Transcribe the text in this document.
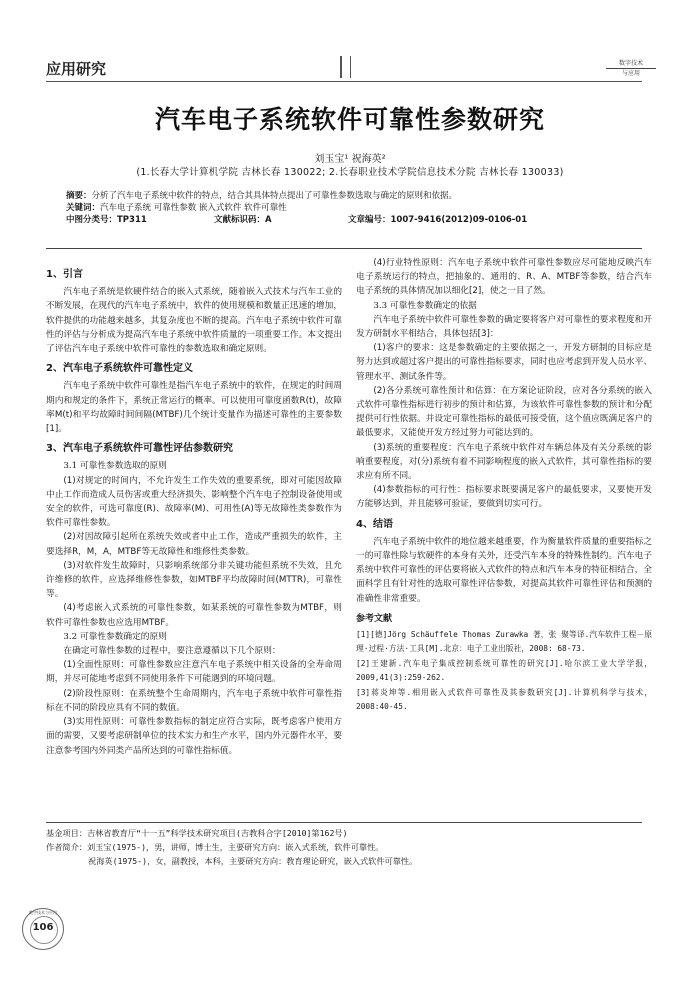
应用研究	数字技术
与应用
汽车电子系统软件可靠性参数研究
刘玉宝¹ 祝海英²
(1.长春大学计算机学院 吉林长春 130022; 2.长春职业技术学院信息技术分院 吉林长春 130033)
摘要：分析了汽车电子系统中软件的特点，结合其具体特点提出了可靠性参数选取与确定的原则和依据。
关键词：汽车电子系统 可靠性参数 嵌入式软件 软件可靠性
中图分类号：TP311	文献标识码：A	文章编号：1007-9416(2012)09-0106-01
1、引言

汽车电子系统是软硬件结合的嵌入式系统，随着嵌入式技术与汽车工业的不断发展，在现代的汽车电子系统中，软件的使用规模和数量正迅速的增加，软件提供的功能越来越多，其复杂度也不断的提高。汽车电子系统中软件可靠性的评估与分析成为提高汽车电子系统中软件质量的一项重要工作。本文提出了评估汽车电子系统中软件可靠性的参数选取和确定原则。

2、汽车电子系统软件可靠性定义

汽车电子系统中软件可靠性是指汽车电子系统中的软件，在规定的时间周期内和规定的条件下，系统正常运行的概率。可以使用可靠度函数R(t)，故障率M(t)和平均故障时间间隔(MTBF)几个统计变量作为描述可靠性的主要参数[1]。

3、汽车电子系统软件可靠性评估参数研究
3.1 可靠性参数选取的原则

(1)对规定的时间内，不允许发生工作失效的重要系统，即对可能因故障中止工作而造成人员伤害或重大经济损失、影响整个汽车电子控制设备使用或安全的软件，可选可靠度(R)、故障率(M)、可用性(A)等无故障性类参数作为软件可靠性参数。

(2)对因故障引起所在系统失效或者中止工作，造成严重损失的软件，主要选择R，M，A，MTBF等无故障性和维修性类参数。

(3)对软件发生故障时，只影响系统部分非关键功能但系统不失效，且允许维修的软件，应选择维修性参数，如MTBF平均故障时间(MTTR)，可靠性等。

(4)考虑嵌入式系统的可靠性参数，如某系统的可靠性参数为MTBF，则软件可靠性参数也应选用MTBF。

3.2 可靠性参数确定的原则

在确定可靠性参数的过程中，要注意遵循以下几个原则：

(1)全面性原则：可靠性参数应注意汽车电子系统中相关设备的全寿命周期，并尽可能地考虑到不同使用条件下可能遇到的环境问题。

(2)阶段性原则：在系统整个生命周期内，汽车电子系统中软件可靠性指标在不同的阶段应具有不同的数值。

(3)实用性原则：可靠性参数指标的制定应符合实际，既考虑客户使用方面的需要，又要考虑研制单位的技术实力和生产水平，国内外元器件水平，要注意参考国内外同类产品所达到的可靠性指标值。

(4)行业特性原则：汽车电子系统中软件可靠性参数应尽可能地反映汽车电子系统运行的特点，把抽象的、通用的、R、A、MTBF等参数，结合汽车电子系统的具体情况加以细化[2]，使之一目了然。

3.3 可靠性参数确定的依据

汽车电子系统中软件可靠性参数的确定要将客户对可靠性的要求程度和开发方研制水平相结合，具体包括[3]：

(1)客户的要求：这是参数确定的主要依据之一，开发方研制的目标应是努力达到或超过客户提出的可靠性指标要求，同时也应考虑到开发人员水平、管理水平、测试条件等。

(2)各分系统可靠性预计和估算：在方案论证阶段，应对各分系统的嵌入式软件可靠性指标进行初步的预计和估算，为该软件可靠性参数的预计和分配提供可行性依据。并设定可靠性指标的最低可接受值，这个值应既满足客户的最低要求，又能使开发方经过努力可能达到的。

(3)系统的重要程度：汽车电子系统中软件对车辆总体及有关分系统的影响重要程度，对(分)系统有着不同影响程度的嵌入式软件，其可靠性指标的要求应有所不同。

(4)参数指标的可行性：指标要求既要满足客户的最低要求，又要使开发方能够达到，并且能够可验证，要做到切实可行。

4、结语

汽车电子系统中软件的地位越来越重要，作为衡量软件质量的重要指标之一的可靠性除与软硬件的本身有关外，还受汽车本身的特殊性制约。汽车电子系统中软件可靠性的评估要将嵌入式软件的特点和汽车本身的特征相结合，全面科学且有针对性的选取可靠性评估参数，对提高其软件可靠性评估和预测的准确性非常重要。

参考文献

[1][德]Jörg Schäuffele Thomas Zurawka 著，张 聚等译.汽车软件工程－原理·过程·方法·工具[M].北京：电子工业出版社，2008: 68-73.

[2]王建新.汽车电子集成控制系统可靠性的研究[J].哈尔滨工业大学学报，2009,41(3):259-262.

[3]蒋炎坤等.相用嵌入式软件可靠性及其参数研究[J].计算机科学与技术，2008:40-45.

基金项目：吉林省教育厅“十一五”科学技术研究项目(吉教科合字[2010]第162号)
作者简介：刘玉宝(1975-)，男，讲师，博士生，主要研究方向：嵌入式系统，软件可靠性。
祝海英(1975-)，女，副教授，本科，主要研究方向：教育理论研究，嵌入式软件可靠性。
数字技术与应用
106
